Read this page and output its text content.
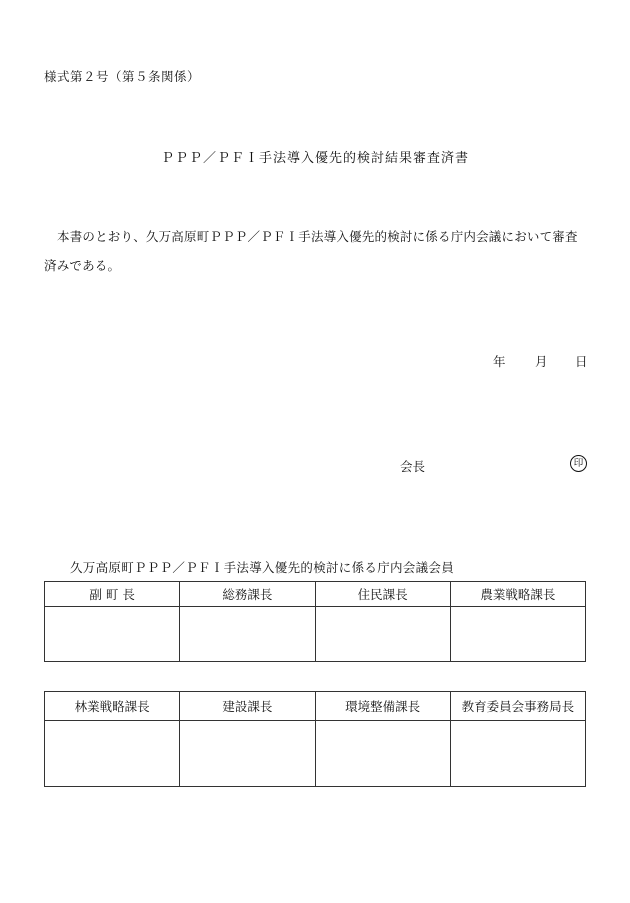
様式第２号（第５条関係）
ＰＰＰ／ＰＦＩ手法導入優先的検討結果審査済書
本書のとおり、久万高原町ＰＰＰ／ＰＦＩ手法導入優先的検討に係る庁内会議において審査済みである。
年 月 日
会長	印
久万高原町ＰＰＰ／ＰＦＩ手法導入優先的検討に係る庁内会議会員
副 町 長	総務課長	住民課長	農業戦略課長

林業戦略課長	建設課長	環境整備課長	教育委員会事務局長
